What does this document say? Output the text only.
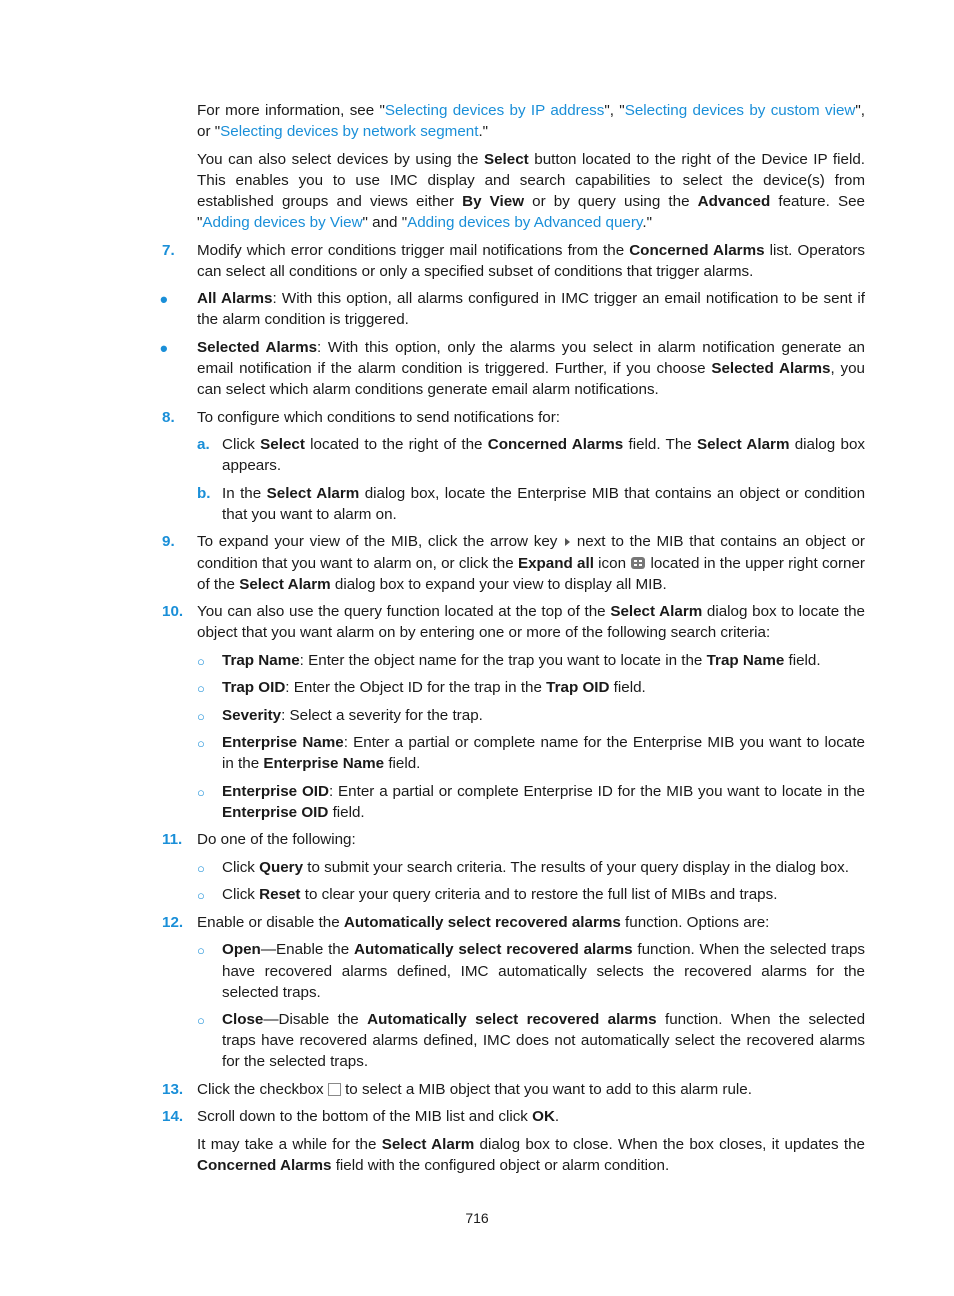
For more information, see "Selecting devices by IP address", "Selecting devices by custom view", or "Selecting devices by network segment."
You can also select devices by using the Select button located to the right of the Device IP field. This enables you to use IMC display and search capabilities to select the device(s) from established groups and views either By View or by query using the Advanced feature. See "Adding devices by View" and "Adding devices by Advanced query."
7. Modify which error conditions trigger mail notifications from the Concerned Alarms list. Operators can select all conditions or only a specified subset of conditions that trigger alarms.
• All Alarms: With this option, all alarms configured in IMC trigger an email notification to be sent if the alarm condition is triggered.
• Selected Alarms: With this option, only the alarms you select in alarm notification generate an email notification if the alarm condition is triggered. Further, if you choose Selected Alarms, you can select which alarm conditions generate email alarm notifications.
8. To configure which conditions to send notifications for:
a. Click Select located to the right of the Concerned Alarms field. The Select Alarm dialog box appears.
b. In the Select Alarm dialog box, locate the Enterprise MIB that contains an object or condition that you want to alarm on.
9. To expand your view of the MIB, click the arrow key  next to the MIB that contains an object or condition that you want to alarm on, or click the Expand all icon  located in the upper right corner of the Select Alarm dialog box to expand your view to display all MIB.
10. You can also use the query function located at the top of the Select Alarm dialog box to locate the object that you want alarm on by entering one or more of the following search criteria:
○ Trap Name: Enter the object name for the trap you want to locate in the Trap Name field.
○ Trap OID: Enter the Object ID for the trap in the Trap OID field.
○ Severity: Select a severity for the trap.
○ Enterprise Name: Enter a partial or complete name for the Enterprise MIB you want to locate in the Enterprise Name field.
○ Enterprise OID: Enter a partial or complete Enterprise ID for the MIB you want to locate in the Enterprise OID field.
11. Do one of the following:
○ Click Query to submit your search criteria. The results of your query display in the dialog box.
○ Click Reset to clear your query criteria and to restore the full list of MIBs and traps.
12. Enable or disable the Automatically select recovered alarms function. Options are:
○ Open—Enable the Automatically select recovered alarms function. When the selected traps have recovered alarms defined, IMC automatically selects the recovered alarms for the selected traps.
○ Close—Disable the Automatically select recovered alarms function. When the selected traps have recovered alarms defined, IMC does not automatically select the recovered alarms for the selected traps.
13. Click the checkbox  to select a MIB object that you want to add to this alarm rule.
14. Scroll down to the bottom of the MIB list and click OK.
It may take a while for the Select Alarm dialog box to close. When the box closes, it updates the Concerned Alarms field with the configured object or alarm condition.
716
